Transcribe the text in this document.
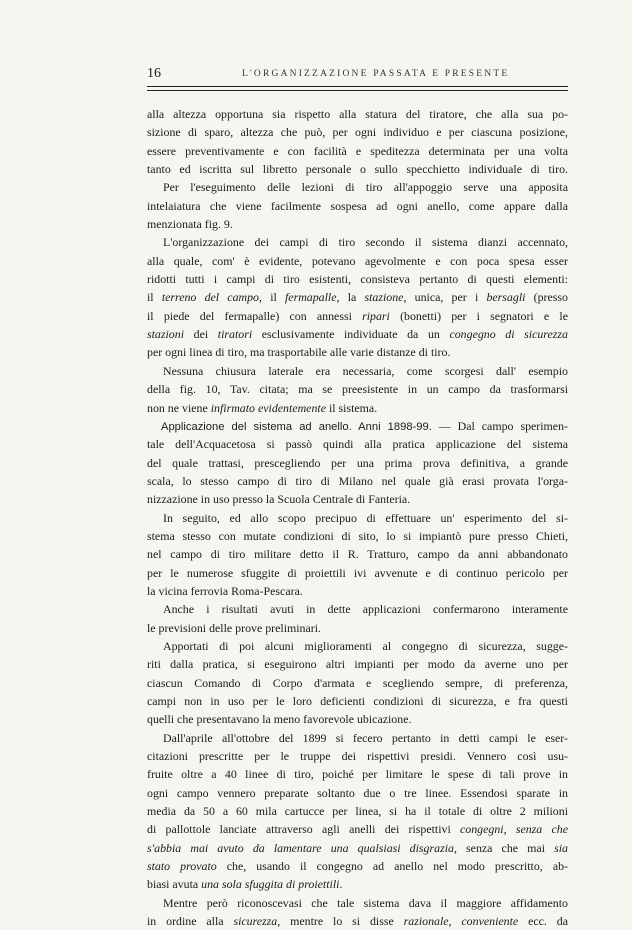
16	L'ORGANIZZAZIONE PASSATA E PRESENTE
alla altezza opportuna sia rispetto alla statura del tiratore, che alla sua po-
sizione di sparo, altezza che può, per ogni individuo e per ciascuna posizione,
essere preventivamente e con facilità e speditezza determinata per una volta
tanto ed iscritta sul libretto personale o sullo specchietto individuale di tiro.
Per l'eseguimento delle lezioni di tiro all'appoggio serve una apposita
intelaiatura che viene facilmente sospesa ad ogni anello, come appare dalla
menzionata fig. 9.
L'organizzazione dei campi di tiro secondo il sistema dianzi accennato,
alla quale, com' è evidente, potevano agevolmente e con poca spesa esser
ridotti tutti i campi di tiro esistenti, consisteva pertanto di questi elementi:
il terreno del campo, il fermapalle, la stazione, unica, per i bersagli (presso
il piede del fermapalle) con annessi ripari (bonetti) per i segnatori e le
stazioni dei tiratori esclusivamente individuate da un congegno di sicurezza
per ogni linea di tiro, ma trasportabile alle varie distanze di tiro.
Nessuna chiusura laterale era necessaria, come scorgesi dall' esempio
della fig. 10, Tav. citata; ma se preesistente in un campo da trasformarsi
non ne viene infirmato evidentemente il sistema.
Applicazione del sistema ad anello. Anni 1898-99. — Dal campo sperimen-
tale dell'Acquacetosa si passò quindi alla pratica applicazione del sistema
del quale trattasi, prescegliendo per una prima prova definitiva, a grande
scala, lo stesso campo di tiro di Milano nel quale già erasi provata l'orga-
nizzazione in uso presso la Scuola Centrale di Fanteria.
In seguito, ed allo scopo precipuo di effettuare un' esperimento del si-
stema stesso con mutate condizioni di sito, lo si impiantò pure presso Chieti,
nel campo di tiro militare detto il R. Tratturo, campo da anni abbandonato
per le numerose sfuggite di proiettili ivi avvenute e di continuo pericolo per
la vicina ferrovia Roma-Pescara.
Anche i risultati avuti in dette applicazioni confermarono interamente
le previsioni delle prove preliminari.
Apportati di poi alcuni miglioramenti al congegno di sicurezza, sugge-
riti dalla pratica, si eseguirono altri impianti per modo da averne uno per
ciascun Comando di Corpo d'armata e scegliendo sempre, di preferenza,
campi non in uso per le loro deficienti condizioni di sicurezza, e fra questi
quelli che presentavano la meno favorevole ubicazione.
Dall'aprile all'ottobre del 1899 si fecero pertanto in detti campi le eser-
citazioni prescritte per le truppe dei rispettivi presidi. Vennero così usu-
fruite oltre a 40 linee di tiro, poiché per limitare le spese di tali prove in
ogni campo vennero preparate soltanto due o tre linee. Essendosi sparate in
media da 50 a 60 mila cartucce per linea, si ha il totale di oltre 2 milioni
di pallottole lanciate attraverso agli anelli dei rispettivi congegni, senza che
s'abbia mai avuto da lamentare una qualsiasi disgrazia, senza che mai sia
stato provato che, usando il congegno ad anello nel modo prescritto, ab-
biasi avuta una sola sfuggita di proiettili.
Mentre però riconoscevasi che tale sistema dava il maggiore affidamento
in ordine alla sicurezza, mentre lo si disse razionale, conveniente ecc. da
